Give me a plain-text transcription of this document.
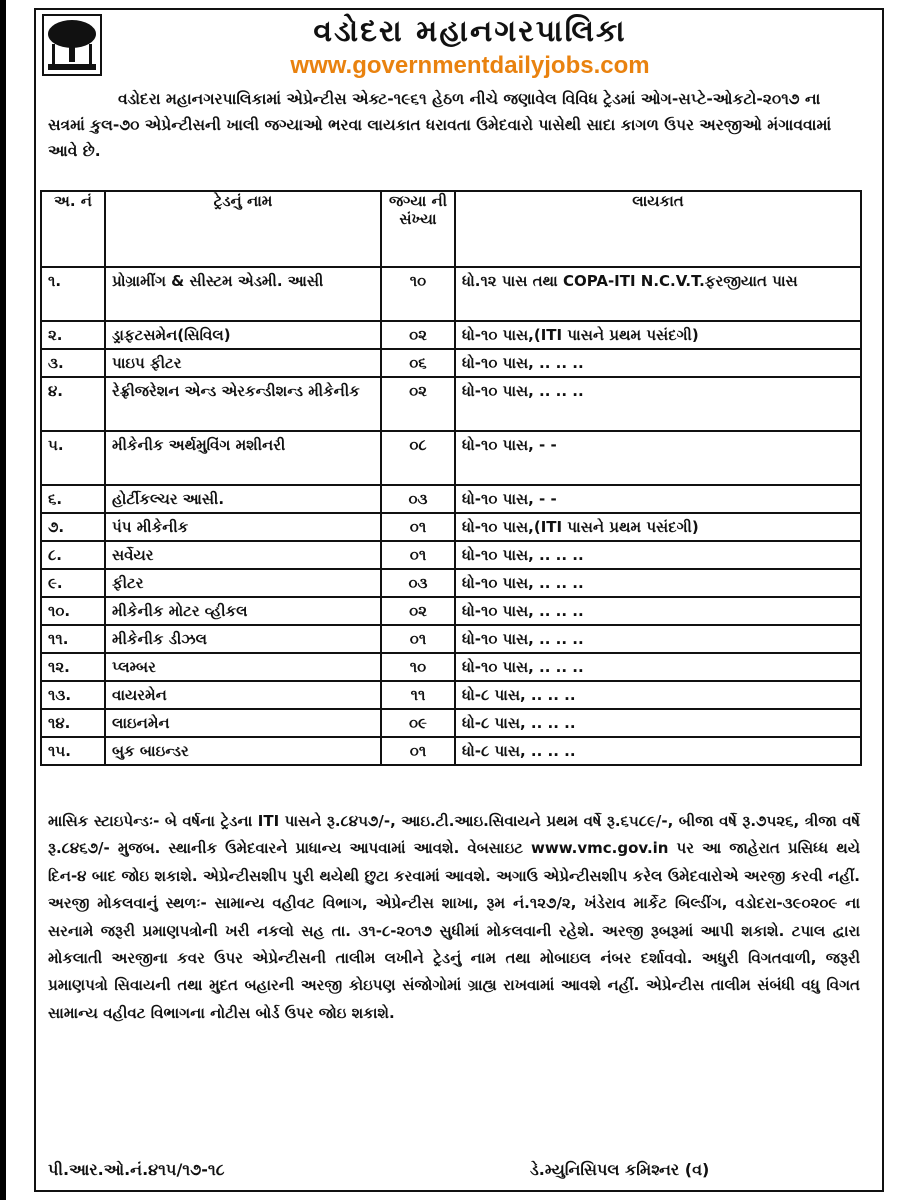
વડોદરા મહાનગરપાલિકા
www.governmentdailyjobs.com
વડોદરા મહાનગરપાલિકામાં એપ્રેન્ટીસ એક્ટ-૧૯૬૧ હેઠળ નીચે જણાવેલ વિવિધ ટ્રેડમાં ઓગ-સપ્ટે-ઓકટો-૨૦૧૭ ના સત્રમાં કુલ-૭૦ એપ્રેન્ટીસની ખાલી જગ્યાઓ ભરવા લાયકાત ધરાવતા ઉમેદવારો પાસેથી સાદા કાગળ ઉપર અરજીઓ મંગાવવામાં આવે છે.
અ. નં	ટ્રેડનું નામ	જગ્યા ની સંખ્યા	લાયકાત
૧.	પ્રોગ્રામીંગ & સીસ્ટમ એડમી. આસી	૧૦	ધો.૧૨ પાસ તથા COPA-ITI N.C.V.T.ફરજીયાત પાસ
૨.	ડ્રાફટસમેન(સિવિલ)	૦૨	ધો-૧૦ પાસ,(ITI પાસને પ્રથમ પસંદગી)
૩.	પાઇપ ફીટર	૦૬	ધો-૧૦ પાસ, .. .. ..
૪.	રેફ્રીજરેશન એન્ડ એરકન્ડીશન્ડ મીકેનીક	૦૨	ધો-૧૦ પાસ, .. .. ..
૫.	મીકેનીક અર્થમુવિંગ મશીનરી	૦૮	ધો-૧૦ પાસ, - -
૬.	હોર્ટીકલ્ચર આસી.	૦૩	ધો-૧૦ પાસ, - -
૭.	પંપ મીકેનીક	૦૧	ધો-૧૦ પાસ,(ITI પાસને પ્રથમ પસંદગી)
૮.	સર્વેયર	૦૧	ધો-૧૦ પાસ, .. .. ..
૯.	ફીટર	૦૩	ધો-૧૦ પાસ, .. .. ..
૧૦.	મીકેનીક મોટર વ્હીકલ	૦૨	ધો-૧૦ પાસ, .. .. ..
૧૧.	મીકેનીક ડીઝલ	૦૧	ધો-૧૦ પાસ, .. .. ..
૧૨.	પ્લમ્બર	૧૦	ધો-૧૦ પાસ, .. .. ..
૧૩.	વાયરમેન	૧૧	ધો-૮ પાસ, .. .. ..
૧૪.	લાઇનમેન	૦૯	ધો-૮ પાસ, .. .. ..
૧૫.	બુક બાઇન્ડર	૦૧	ધો-૮ પાસ, .. .. ..
માસિક સ્ટાઇપેન્ડઃ- બે વર્ષના ટ્રેડના ITI પાસને રૂ.૮૪૫૭/-, આઇ.ટી.આઇ.સિવાયને પ્રથમ વર્ષે રૂ.૬૫૮૯/-, બીજા વર્ષે રૂ.૭૫૨૬, ત્રીજા વર્ષે રૂ.૮૪૬૭/- મુજબ. સ્થાનીક ઉમેદવારને પ્રાધાન્ય આપવામાં આવશે. વેબસાઇટ www.vmc.gov.in પર આ જાહેરાત પ્રસિધ્ધ થયે દિન-૪ બાદ જોઇ શકાશે. એપ્રેન્ટીસશીપ પુરી થયેથી છુટા કરવામાં આવશે. અગાઉ એપ્રેન્ટીસશીપ કરેલ ઉમેદવારોએ અરજી કરવી નહીં. અરજી મોકલવાનું સ્થળઃ- સામાન્ય વહીવટ વિભાગ, એપ્રેન્ટીસ શાખા, રૂમ નં.૧૨૭/૨, ખંડેરાવ માર્કેટ બિલ્ડીંગ, વડોદરા-૩૯૦૨૦૯ ના સરનામે જરૂરી પ્રમાણપત્રોની ખરી નકલો સહ તા. ૩૧-૮-૨૦૧૭ સુધીમાં મોકલવાની રહેશે. અરજી રૂબરૂમાં આપી શકાશે. ટપાલ દ્વારા મોકલાતી અરજીના કવર ઉપર એપ્રેન્ટીસની તાલીમ લખીને ટ્રેડનું નામ તથા મોબાઇલ નંબર દર્શાવવો. અધુરી વિગતવાળી, જરૂરી પ્રમાણપત્રો સિવાયની તથા મુદત બહારની અરજી કોઇપણ સંજોગોમાં ગ્રાહ્ય રાખવામાં આવશે નહીં. એપ્રેન્ટીસ તાલીમ સંબંધી વધુ વિગત સામાન્ય વહીવટ વિભાગના નોટીસ બોર્ડ ઉપર જોઇ શકાશે.
પી.આર.ઓ.નં.૪૧૫/૧૭-૧૮	ડે.મ્યુનિસિપલ કમિશ્નર (વ)
